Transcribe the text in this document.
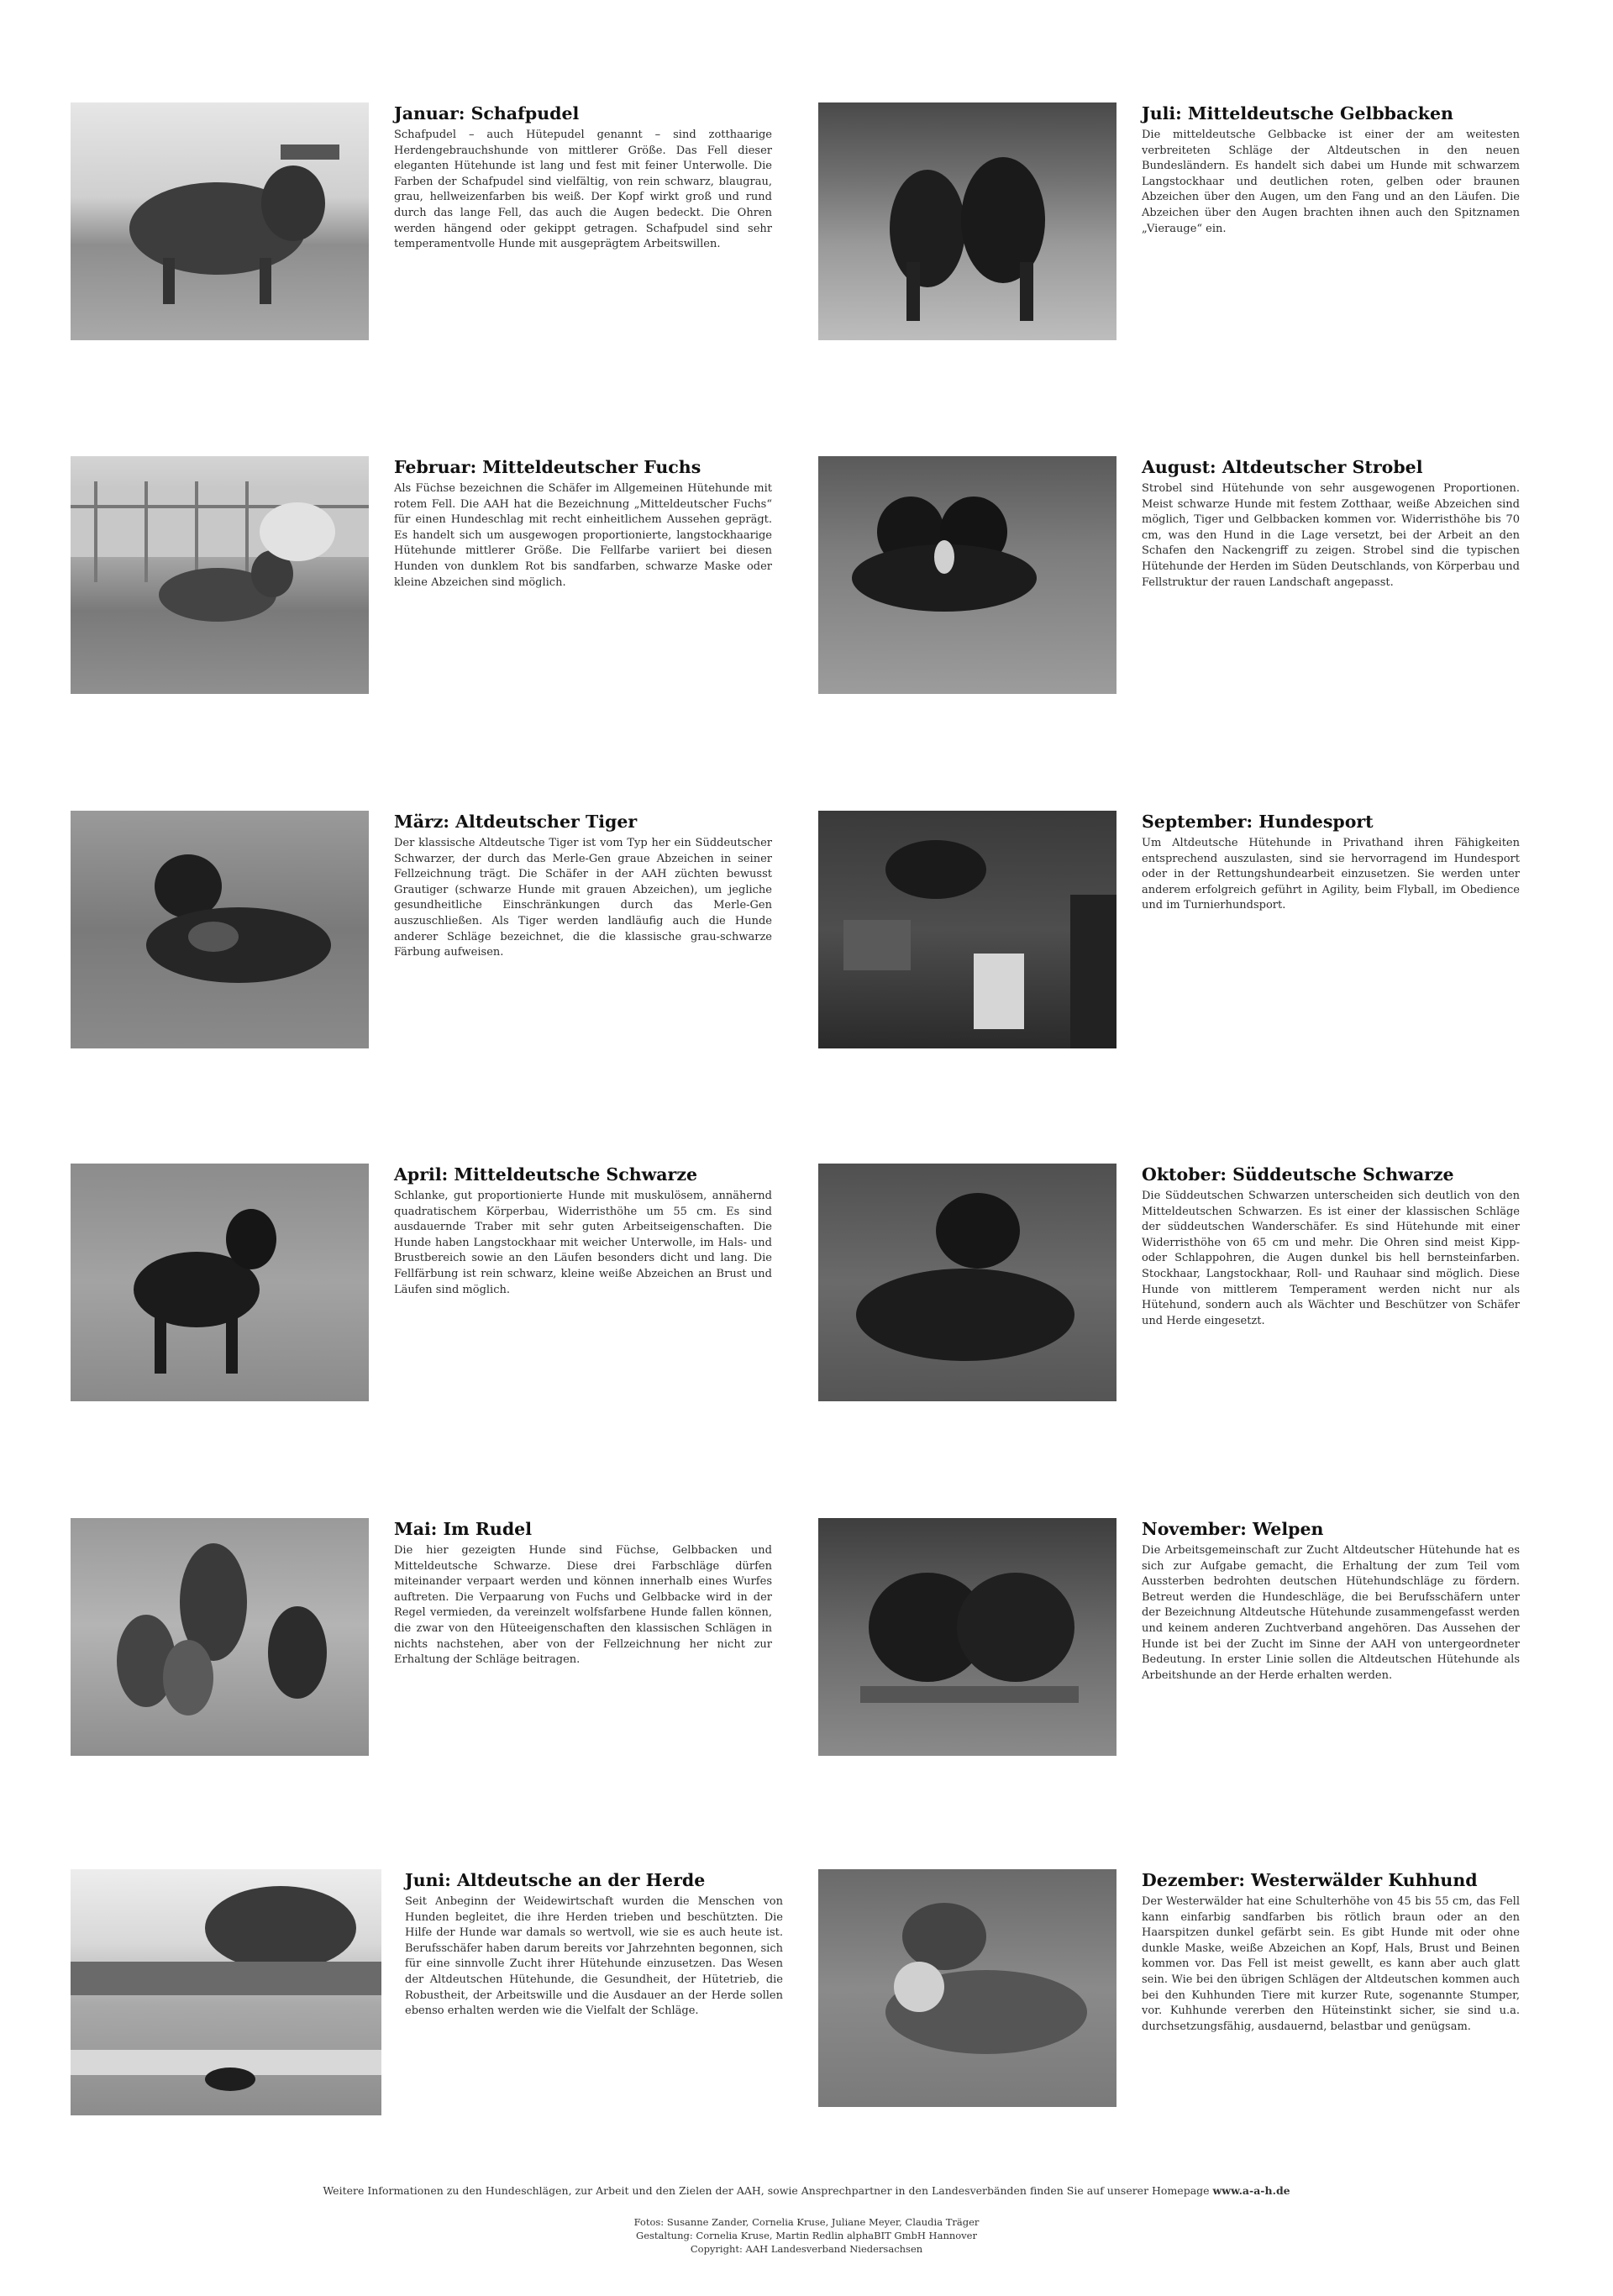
Januar: Schafpudel

Schafpudel – auch Hütepudel genannt – sind zotthaarige Herdengebrauchshunde von mittlerer Größe. Das Fell dieser eleganten Hütehunde ist lang und fest mit feiner Unterwolle. Die Farben der Schafpudel sind vielfältig, von rein schwarz, blaugrau, grau, hellweizenfarben bis weiß. Der Kopf wirkt groß und rund durch das lange Fell, das auch die Augen bedeckt. Die Ohren werden hängend oder gekippt getragen. Schafpudel sind sehr temperamentvolle Hunde mit ausgeprägtem Arbeitswillen.

Juli: Mitteldeutsche Gelbbacken

Die mitteldeutsche Gelbbacke ist einer der am weitesten verbreiteten Schläge der Altdeutschen in den neuen Bundesländern. Es handelt sich dabei um Hunde mit schwarzem Langstockhaar und deutlichen roten, gelben oder braunen Abzeichen über den Augen, um den Fang und an den Läufen. Die Abzeichen über den Augen brachten ihnen auch den Spitznamen „Vierauge“ ein.

Februar: Mitteldeutscher Fuchs

Als Füchse bezeichnen die Schäfer im Allgemeinen Hütehunde mit rotem Fell. Die AAH hat die Bezeichnung „Mitteldeutscher Fuchs“ für einen Hundeschlag mit recht einheitlichem Aussehen geprägt. Es handelt sich um ausgewogen proportionierte, langstockhaarige Hütehunde mittlerer Größe. Die Fellfarbe variiert bei diesen Hunden von dunklem Rot bis sandfarben, schwarze Maske oder kleine Abzeichen sind möglich.

August: Altdeutscher Strobel

Strobel sind Hütehunde von sehr ausgewogenen Proportionen. Meist schwarze Hunde mit festem Zotthaar, weiße Abzeichen sind möglich, Tiger und Gelbbacken kommen vor. Widerristhöhe bis 70 cm, was den Hund in die Lage versetzt, bei der Arbeit an den Schafen den Nackengriff zu zeigen. Strobel sind die typischen Hütehunde der Herden im Süden Deutschlands, von Körperbau und Fellstruktur der rauen Landschaft angepasst.

März: Altdeutscher Tiger

Der klassische Altdeutsche Tiger ist vom Typ her ein Süddeutscher Schwarzer, der durch das Merle-Gen graue Abzeichen in seiner Fellzeichnung trägt. Die Schäfer in der AAH züchten bewusst Grautiger (schwarze Hunde mit grauen Abzeichen), um jegliche gesundheitliche Einschränkungen durch das Merle-Gen auszuschließen. Als Tiger werden landläufig auch die Hunde anderer Schläge bezeichnet, die die klassische grau-schwarze Färbung aufweisen.

September: Hundesport

Um Altdeutsche Hütehunde in Privathand ihren Fähigkeiten entsprechend auszulasten, sind sie hervorragend im Hundesport oder in der Rettungshundearbeit einzusetzen. Sie werden unter anderem erfolgreich geführt in Agility, beim Flyball, im Obedience und im Turnierhundsport.

April: Mitteldeutsche Schwarze

Schlanke, gut proportionierte Hunde mit muskulösem, annähernd quadratischem Körperbau, Widerristhöhe um 55 cm. Es sind ausdauernde Traber mit sehr guten Arbeitseigenschaften. Die Hunde haben Langstockhaar mit weicher Unterwolle, im Hals- und Brustbereich sowie an den Läufen besonders dicht und lang. Die Fellfärbung ist rein schwarz, kleine weiße Abzeichen an Brust und Läufen sind möglich.

Oktober: Süddeutsche Schwarze

Die Süddeutschen Schwarzen unterscheiden sich deutlich von den Mitteldeutschen Schwarzen. Es ist einer der klassischen Schläge der süddeutschen Wanderschäfer. Es sind Hütehunde mit einer Widerristhöhe von 65 cm und mehr. Die Ohren sind meist Kipp- oder Schlappohren, die Augen dunkel bis hell bernsteinfarben. Stockhaar, Langstockhaar, Roll- und Rauhaar sind möglich. Diese Hunde von mittlerem Temperament werden nicht nur als Hütehund, sondern auch als Wächter und Beschützer von Schäfer und Herde eingesetzt.

Mai: Im Rudel

Die hier gezeigten Hunde sind Füchse, Gelbbacken und Mitteldeutsche Schwarze. Diese drei Farbschläge dürfen miteinander verpaart werden und können innerhalb eines Wurfes auftreten. Die Verpaarung von Fuchs und Gelbbacke wird in der Regel vermieden, da vereinzelt wolfsfarbene Hunde fallen können, die zwar von den Hüteeigenschaften den klassischen Schlägen in nichts nachstehen, aber von der Fellzeichnung her nicht zur Erhaltung der Schläge beitragen.

November: Welpen

Die Arbeitsgemeinschaft zur Zucht Altdeutscher Hütehunde hat es sich zur Aufgabe gemacht, die Erhaltung der zum Teil vom Aussterben bedrohten deutschen Hütehundschläge zu fördern. Betreut werden die Hundeschläge, die bei Berufsschäfern unter der Bezeichnung Altdeutsche Hütehunde zusammengefasst werden und keinem anderen Zuchtverband angehören. Das Aussehen der Hunde ist bei der Zucht im Sinne der AAH von untergeordneter Bedeutung. In erster Linie sollen die Altdeutschen Hütehunde als Arbeitshunde an der Herde erhalten werden.

Juni: Altdeutsche an der Herde

Seit Anbeginn der Weidewirtschaft wurden die Menschen von Hunden begleitet, die ihre Herden trieben und beschützten. Die Hilfe der Hunde war damals so wertvoll, wie sie es auch heute ist. Berufsschäfer haben darum bereits vor Jahrzehnten begonnen, sich für eine sinnvolle Zucht ihrer Hütehunde einzusetzen. Das Wesen der Altdeutschen Hütehunde, die Gesundheit, der Hütetrieb, die Robustheit, der Arbeitswille und die Ausdauer an der Herde sollen ebenso erhalten werden wie die Vielfalt der Schläge.

Dezember: Westerwälder Kuhhund

Der Westerwälder hat eine Schulterhöhe von 45 bis 55 cm, das Fell kann einfarbig sandfarben bis rötlich braun oder an den Haarspitzen dunkel gefärbt sein. Es gibt Hunde mit oder ohne dunkle Maske, weiße Abzeichen an Kopf, Hals, Brust und Beinen kommen vor. Das Fell ist meist gewellt, es kann aber auch glatt sein. Wie bei den übrigen Schlägen der Altdeutschen kommen auch bei den Kuhhunden Tiere mit kurzer Rute, sogenannte Stumper, vor. Kuhhunde vererben den Hüteinstinkt sicher, sie sind u.a. durchsetzungsfähig, ausdauernd, belastbar und genügsam.

Weitere Informationen zu den Hundeschlägen, zur Arbeit und den Zielen der AAH, sowie Ansprechpartner in den Landesverbänden finden Sie auf unserer Homepage www.a-a-h.de
Fotos: Susanne Zander, Cornelia Kruse, Juliane Meyer, Claudia Träger
Gestaltung: Cornelia Kruse, Martin Redlin alphaBIT GmbH Hannover
Copyright: AAH Landesverband Niedersachsen
